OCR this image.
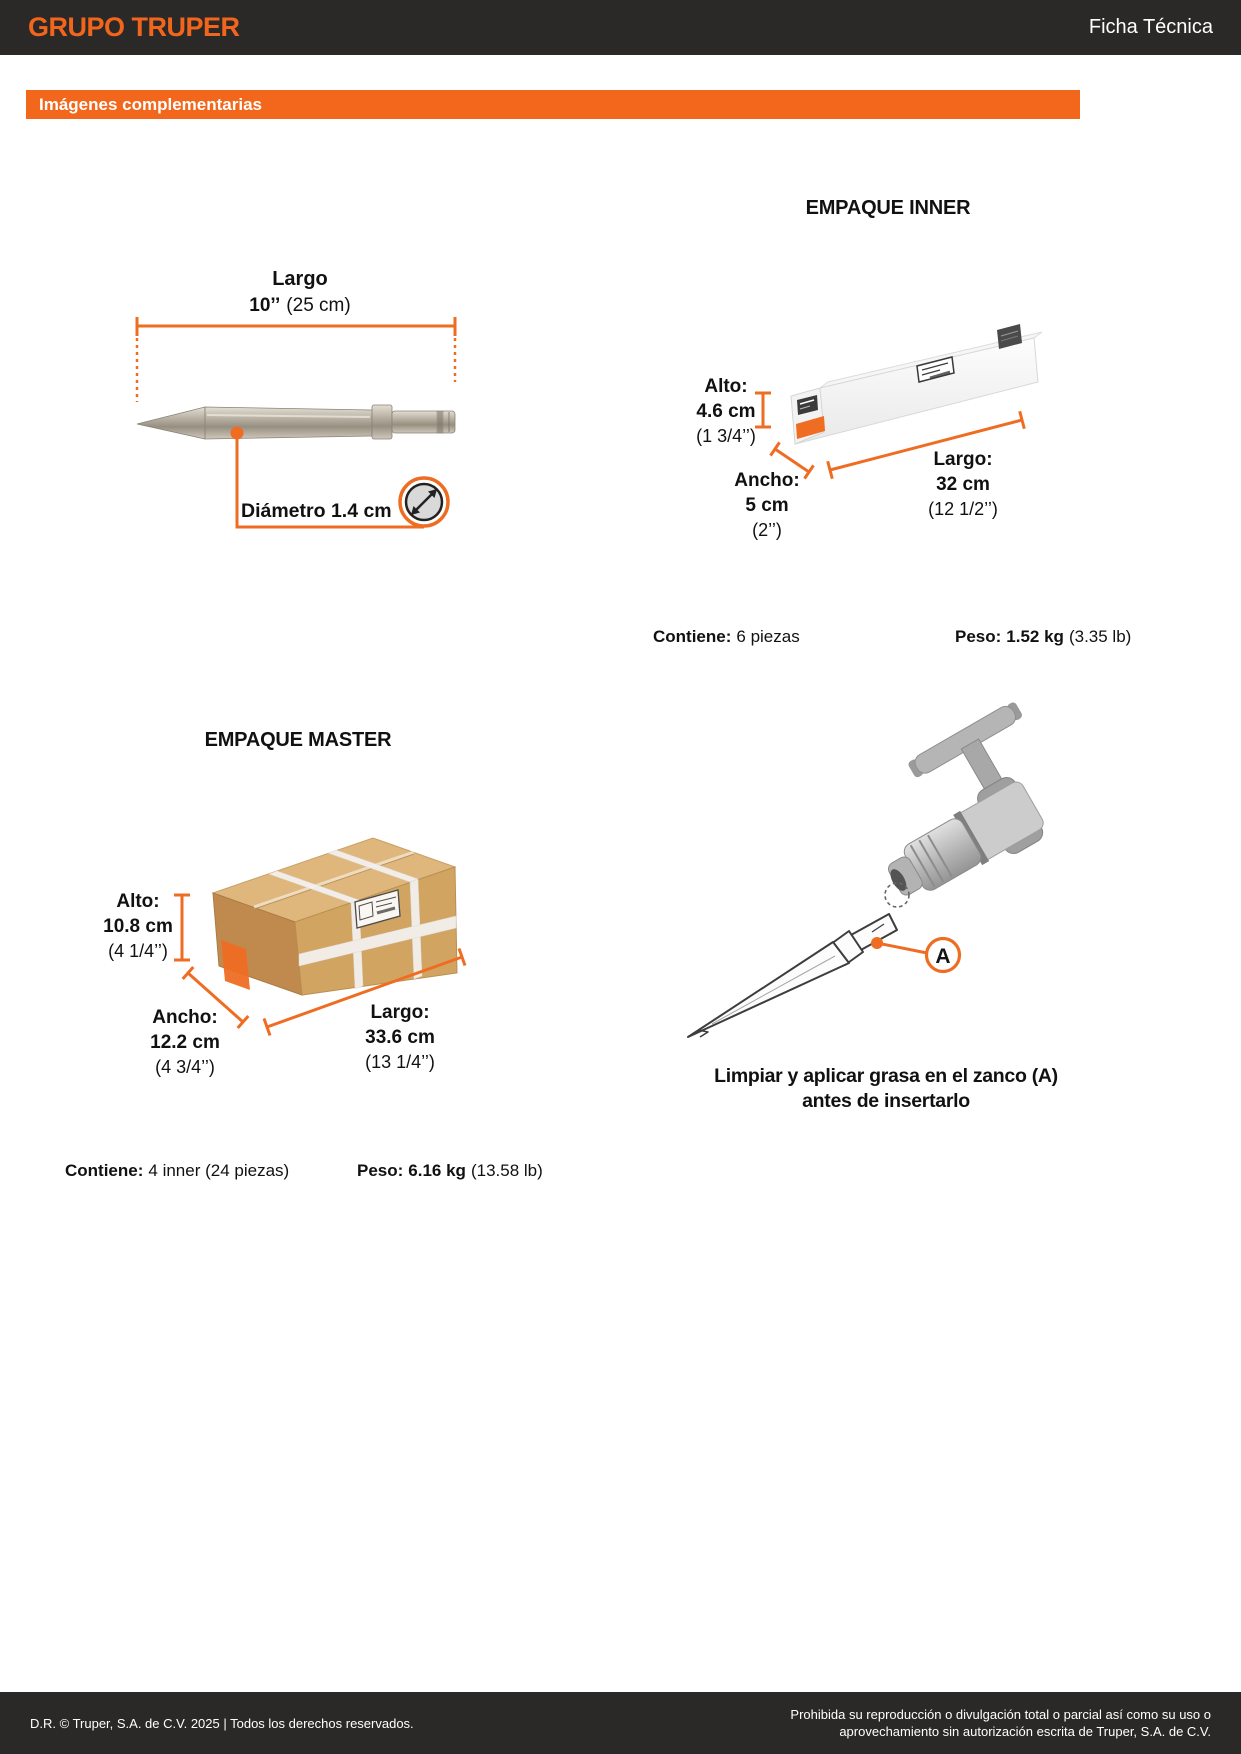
GRUPO TRUPER	Ficha Técnica
Imágenes complementarias
Largo
10’’ (25 cm)
Diámetro 1.4 cm
EMPAQUE INNER
Alto:
4.6 cm
(1 3/4’’)
Ancho:
5 cm
(2’’)
Largo:
32 cm
(12 1/2’’)
Contiene: 6 piezas	Peso: 1.52 kg (3.35 lb)
EMPAQUE MASTER
Alto:
10.8 cm
(4 1/4’’)
Ancho:
12.2 cm
(4 3/4’’)
Largo:
33.6 cm
(13 1/4’’)
Contiene: 4 inner (24 piezas)	Peso: 6.16 kg (13.58 lb)
A
Limpiar y aplicar grasa en el zanco (A)
antes de insertarlo
D.R. © Truper, S.A. de C.V. 2025 | Todos los derechos reservados.
Prohibida su reproducción o divulgación total o parcial así como su uso o
aprovechamiento sin autorización escrita de Truper, S.A. de C.V.
